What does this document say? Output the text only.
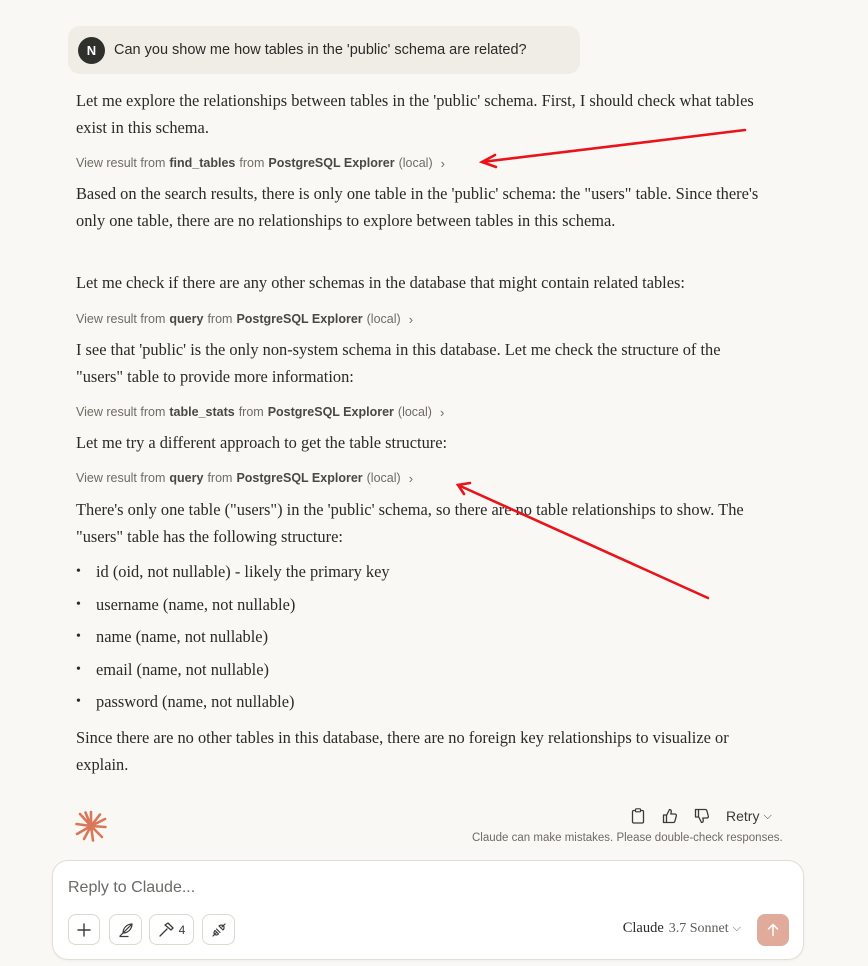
N	Can you show me how tables in the 'public' schema are related?

Let me explore the relationships between tables in the 'public' schema. First, I should check what tables exist in this schema.

View result from find_tables from PostgreSQL Explorer (local) ›

Based on the search results, there is only one table in the 'public' schema: the "users" table. Since there's only one table, there are no relationships to explore between tables in this schema.

Let me check if there are any other schemas in the database that might contain related tables:

View result from query from PostgreSQL Explorer (local) ›

I see that 'public' is the only non-system schema in this database. Let me check the structure of the "users" table to provide more information:

View result from table_stats from PostgreSQL Explorer (local) ›

Let me try a different approach to get the table structure:

View result from query from PostgreSQL Explorer (local) ›

There's only one table ("users") in the 'public' schema, so there are no table relationships to show. The "users" table has the following structure:

• id (oid, not nullable) - likely the primary key
• username (name, not nullable)
• name (name, not nullable)
• email (name, not nullable)
• password (name, not nullable)

Since there are no other tables in this database, there are no foreign key relationships to visualize or explain.

Retry ⌵
Claude can make mistakes. Please double-check responses.
Reply to Claude...
4	Claude 3.7 Sonnet ⌵
